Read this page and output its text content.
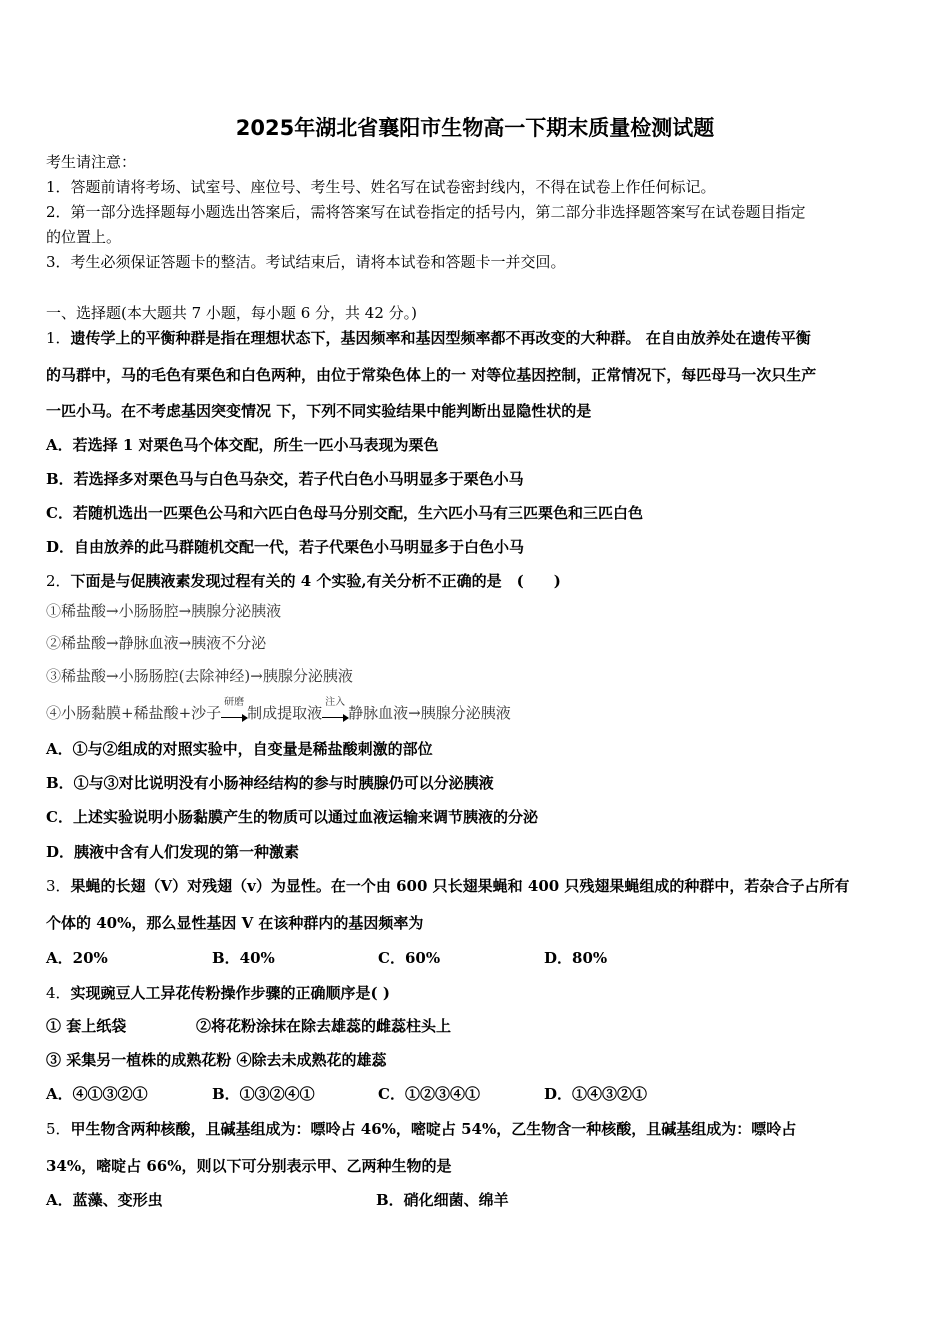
2025年湖北省襄阳市生物高一下期末质量检测试题
考生请注意：
1．答题前请将考场、试室号、座位号、考生号、姓名写在试卷密封线内，不得在试卷上作任何标记。
2．第一部分选择题每小题选出答案后，需将答案写在试卷指定的括号内，第二部分非选择题答案写在试卷题目指定
的位置上。
3．考生必须保证答题卡的整洁。考试结束后，请将本试卷和答题卡一并交回。
一、选择题(本大题共 7 小题，每小题 6 分，共 42 分。)
1．遗传学上的平衡种群是指在理想状态下，基因频率和基因型频率都不再改变的大种群。 在自由放养处在遗传平衡
的马群中，马的毛色有栗色和白色两种，由位于常染色体上的一 对等位基因控制，正常情况下，每匹母马一次只生产
一匹小马。在不考虑基因突变情况 下，下列不同实验结果中能判断出显隐性状的是
A．若选择 1 对栗色马个体交配，所生一匹小马表现为栗色
B．若选择多对栗色马与白色马杂交，若子代白色小马明显多于栗色小马
C．若随机选出一匹栗色公马和六匹白色母马分别交配，生六匹小马有三匹栗色和三匹白色
D．自由放养的此马群随机交配一代，若子代栗色小马明显多于白色小马
2．下面是与促胰液素发现过程有关的 4 个实验,有关分析不正确的是　(　　)
①稀盐酸→小肠肠腔→胰腺分泌胰液
②稀盐酸→静脉血液→胰液不分泌
③稀盐酸→小肠肠腔(去除神经)→胰腺分泌胰液
④小肠黏膜+稀盐酸+沙子
研磨
制成提取液
注入
静脉血液→胰腺分泌胰液
A．①与②组成的对照实验中，自变量是稀盐酸刺激的部位
B．①与③对比说明没有小肠神经结构的参与时胰腺仍可以分泌胰液
C．上述实验说明小肠黏膜产生的物质可以通过血液运输来调节胰液的分泌
D．胰液中含有人们发现的第一种激素
3．果蝇的长翅（V）对残翅（v）为显性。在一个由 600 只长翅果蝇和 400 只残翅果蝇组成的种群中，若杂合子占所有
个体的 40%，那么显性基因 V 在该种群内的基因频率为
A．20%	B．40%	C．60%	D．80%
4．实现豌豆人工异花传粉操作步骤的正确顺序是( )
① 套上纸袋	②将花粉涂抹在除去雄蕊的雌蕊柱头上
③ 采集另一植株的成熟花粉 ④除去未成熟花的雄蕊
A．④①③②①	B．①③②④①	C．①②③④①	D．①④③②①
5．甲生物含两种核酸，且碱基组成为：嘌呤占 46%，嘧啶占 54%，乙生物含一种核酸，且碱基组成为：嘌呤占
34%，嘧啶占 66%，则以下可分别表示甲、乙两种生物的是
A．蓝藻、变形虫	B．硝化细菌、绵羊
